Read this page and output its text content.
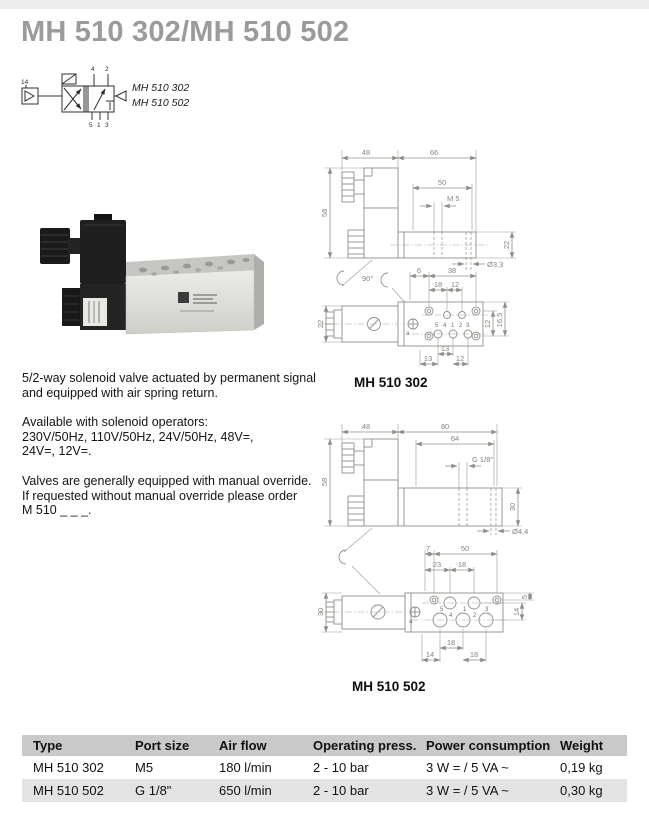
MH 510 302/MH 510 502
14
4 2
5 1 3
MH 510 302
MH 510 502

5/2-way solenoid valve actuated by permanent signal
and equipped with air spring return.

Available with solenoid operators:
230V/50Hz, 110V/50Hz, 24V/50Hz, 48V=,
24V=, 12V=.

Valves are generally equipped with manual override.
If requested without manual override please order
M 510 _ _ _.

48	66
58
50
M 5
22
Ø3,3
90°
22
a
5 4 1 2 3
6	38
18 12
12 16,5
13
13	12
MH 510 302
48	80
58
64
G 1/8"
30
Ø4,4
7	50
23 18
30
a
5
4
1
2
3
5
14
18
14	18
MH 510 502
Type	Port size	Air flow	Operating press.	Power consumption	Weight
MH 510 302	M5	180 l/min	2 - 10 bar	3 W = / 5 VA ~	0,19 kg
MH 510 502	G 1/8"	650 l/min	2 - 10 bar	3 W = / 5 VA ~	0,30 kg
